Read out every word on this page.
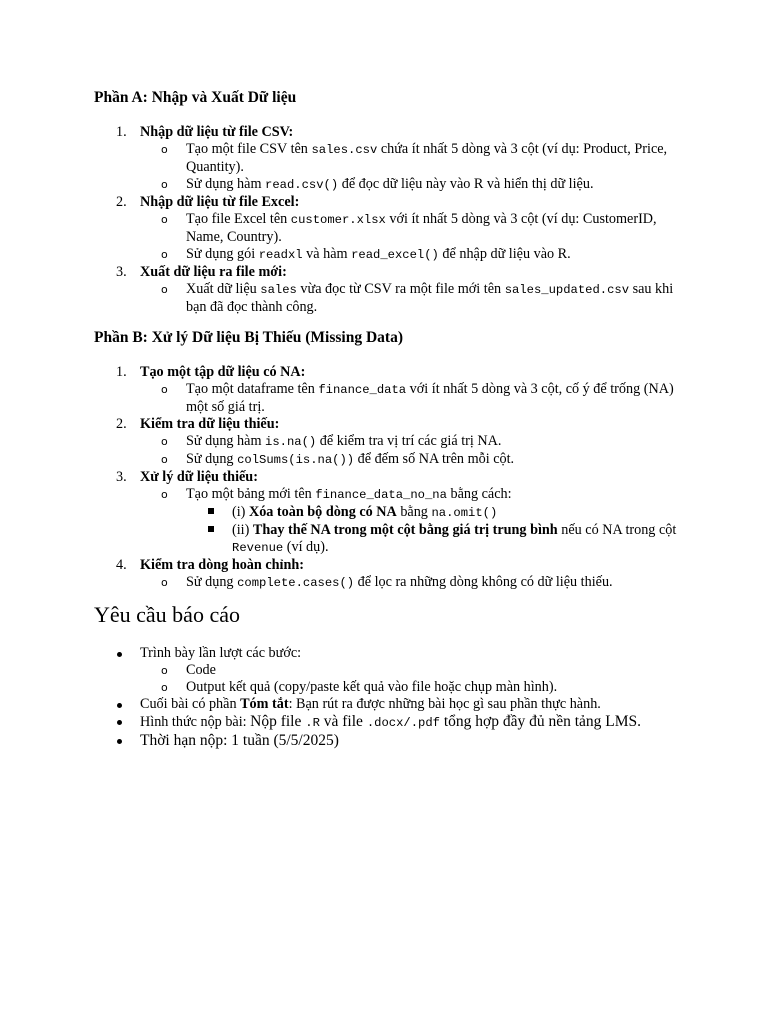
Phần A: Nhập và Xuất Dữ liệu
1. Nhập dữ liệu từ file CSV:
o	Tạo một file CSV tên sales.csv chứa ít nhất 5 dòng và 3 cột (ví dụ: Product, Price, Quantity).
o	Sử dụng hàm read.csv() để đọc dữ liệu này vào R và hiển thị dữ liệu.
2. Nhập dữ liệu từ file Excel:
o	Tạo file Excel tên customer.xlsx với ít nhất 5 dòng và 3 cột (ví dụ: CustomerID, Name, Country).
o	Sử dụng gói readxl và hàm read_excel() để nhập dữ liệu vào R.
3. Xuất dữ liệu ra file mới:
o	Xuất dữ liệu sales vừa đọc từ CSV ra một file mới tên sales_updated.csv sau khi bạn đã đọc thành công.
Phần B: Xử lý Dữ liệu Bị Thiếu (Missing Data)
1. Tạo một tập dữ liệu có NA:
o	Tạo một dataframe tên finance_data với ít nhất 5 dòng và 3 cột, cố ý để trống (NA) một số giá trị.
2. Kiểm tra dữ liệu thiếu:
o	Sử dụng hàm is.na() để kiểm tra vị trí các giá trị NA.
o	Sử dụng colSums(is.na()) để đếm số NA trên mỗi cột.
3. Xử lý dữ liệu thiếu:
o	Tạo một bảng mới tên finance_data_no_na bằng cách:
(i) Xóa toàn bộ dòng có NA bằng na.omit()
(ii) Thay thế NA trong một cột bằng giá trị trung bình nếu có NA trong cột Revenue (ví dụ).
4. Kiểm tra dòng hoàn chỉnh:
o	Sử dụng complete.cases() để lọc ra những dòng không có dữ liệu thiếu.
Yêu cầu báo cáo
Trình bày lần lượt các bước:
o	Code
o	Output kết quả (copy/paste kết quả vào file hoặc chụp màn hình).
Cuối bài có phần Tóm tắt: Bạn rút ra được những bài học gì sau phần thực hành.
Hình thức nộp bài: Nộp file .R và file .docx/.pdf tổng hợp đầy đủ nền tảng LMS.
Thời hạn nộp: 1 tuần (5/5/2025)
